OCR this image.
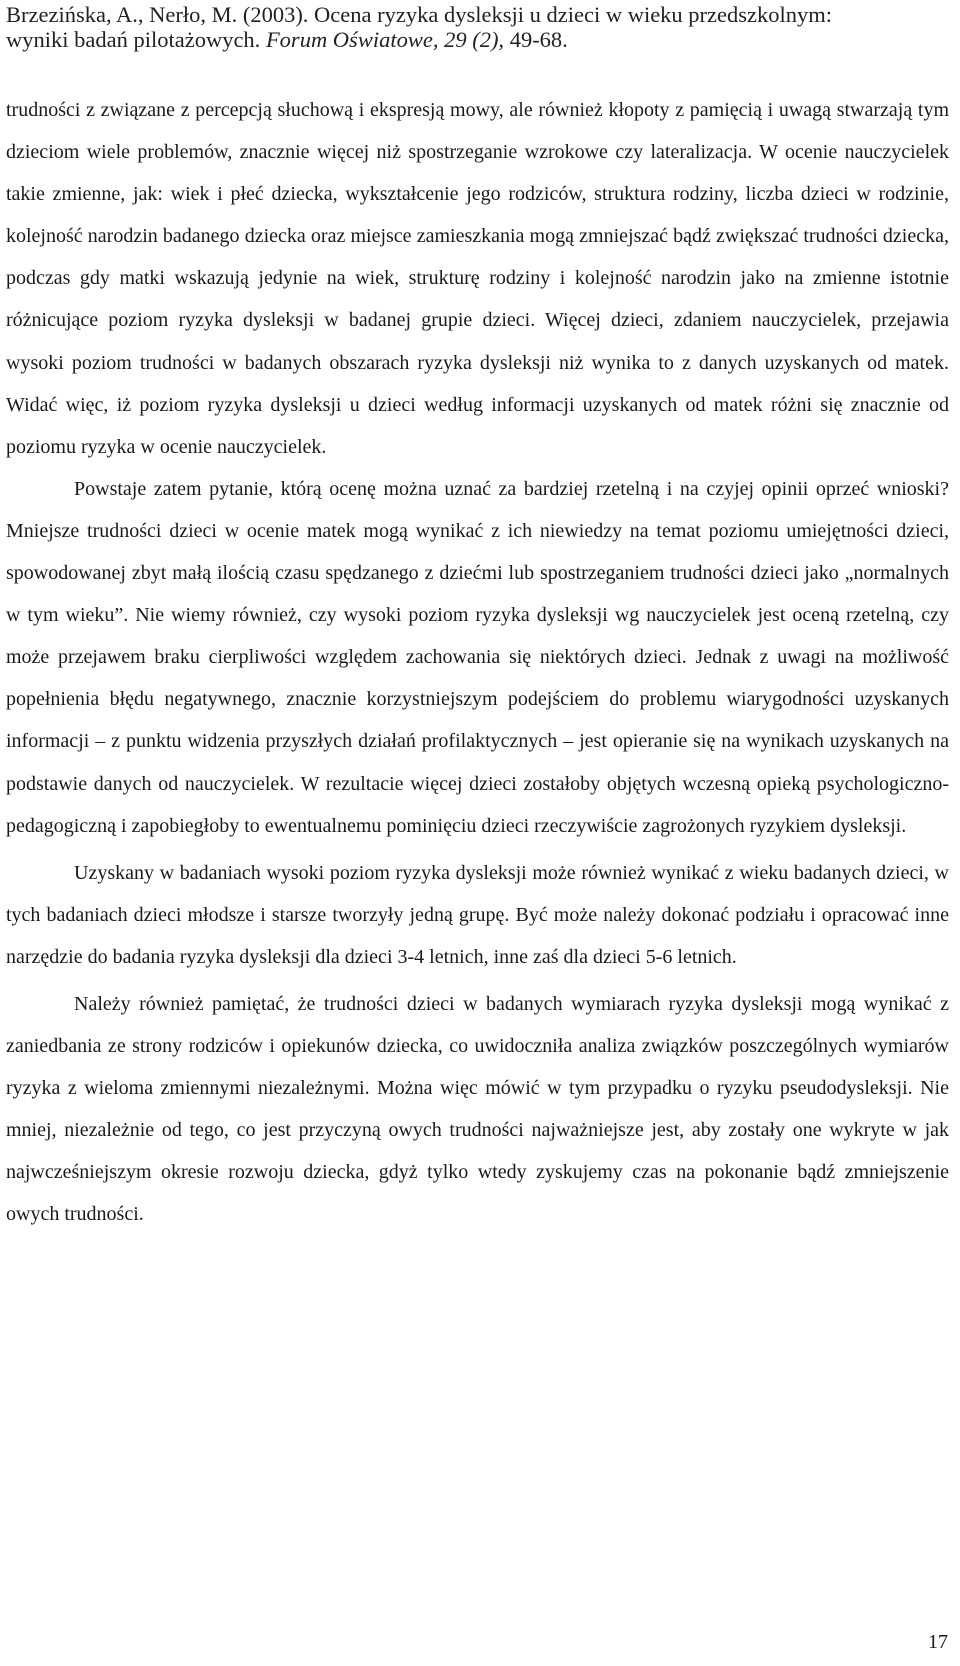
Brzezińska, A., Nerło, M. (2003). Ocena ryzyka dysleksji u dzieci w wieku przedszkolnym:
wyniki badań pilotażowych. Forum Oświatowe, 29 (2), 49-68.

trudności z związane z percepcją słuchową i ekspresją mowy, ale również kłopoty z pamięcią i uwagą stwarzają tym dzieciom wiele problemów, znacznie więcej niż spostrzeganie wzrokowe czy lateralizacja. W ocenie nauczycielek takie zmienne, jak: wiek i płeć dziecka, wykształcenie jego rodziców, struktura rodziny, liczba dzieci w rodzinie, kolejność narodzin badanego dziecka oraz miejsce zamieszkania mogą zmniejszać bądź zwiększać trudności dziecka, podczas gdy matki wskazują jedynie na wiek, strukturę rodziny i kolejność narodzin jako na zmienne istotnie różnicujące poziom ryzyka dysleksji w badanej grupie dzieci. Więcej dzieci, zdaniem nauczycielek, przejawia wysoki poziom trudności w badanych obszarach ryzyka dysleksji niż wynika to z danych uzyskanych od matek. Widać więc, iż poziom ryzyka dysleksji u dzieci według informacji uzyskanych od matek różni się znacznie od poziomu ryzyka w ocenie nauczycielek.

Powstaje zatem pytanie, którą ocenę można uznać za bardziej rzetelną i na czyjej opinii oprzeć wnioski? Mniejsze trudności dzieci w ocenie matek mogą wynikać z ich niewiedzy na temat poziomu umiejętności dzieci, spowodowanej zbyt małą ilością czasu spędzanego z dziećmi lub spostrzeganiem trudności dzieci jako „normalnych w tym wieku”. Nie wiemy również, czy wysoki poziom ryzyka dysleksji wg nauczycielek jest oceną rzetelną, czy może przejawem braku cierpliwości względem zachowania się niektórych dzieci. Jednak z uwagi na możliwość popełnienia błędu negatywnego, znacznie korzystniejszym podejściem do problemu wiarygodności uzyskanych informacji – z punktu widzenia przyszłych działań profilaktycznych – jest opieranie się na wynikach uzyskanych na podstawie danych od nauczycielek. W rezultacie więcej dzieci zostałoby objętych wczesną opieką psychologiczno-pedagogiczną i zapobiegłoby to ewentualnemu pominięciu dzieci rzeczywiście zagrożonych ryzykiem dysleksji.

Uzyskany w badaniach wysoki poziom ryzyka dysleksji może również wynikać z wieku badanych dzieci, w tych badaniach dzieci młodsze i starsze tworzyły jedną grupę. Być może należy dokonać podziału i opracować inne narzędzie do badania ryzyka dysleksji dla dzieci 3-4 letnich, inne zaś dla dzieci 5-6 letnich.

Należy również pamiętać, że trudności dzieci w badanych wymiarach ryzyka dysleksji mogą wynikać z zaniedbania ze strony rodziców i opiekunów dziecka, co uwidoczniła analiza związków poszczególnych wymiarów ryzyka z wieloma zmiennymi niezależnymi. Można więc mówić w tym przypadku o ryzyku pseudodysleksji. Nie mniej, niezależnie od tego, co jest przyczyną owych trudności najważniejsze jest, aby zostały one wykryte w jak najwcześniejszym okresie rozwoju dziecka, gdyż tylko wtedy zyskujemy czas na pokonanie bądź zmniejszenie owych trudności.

17
